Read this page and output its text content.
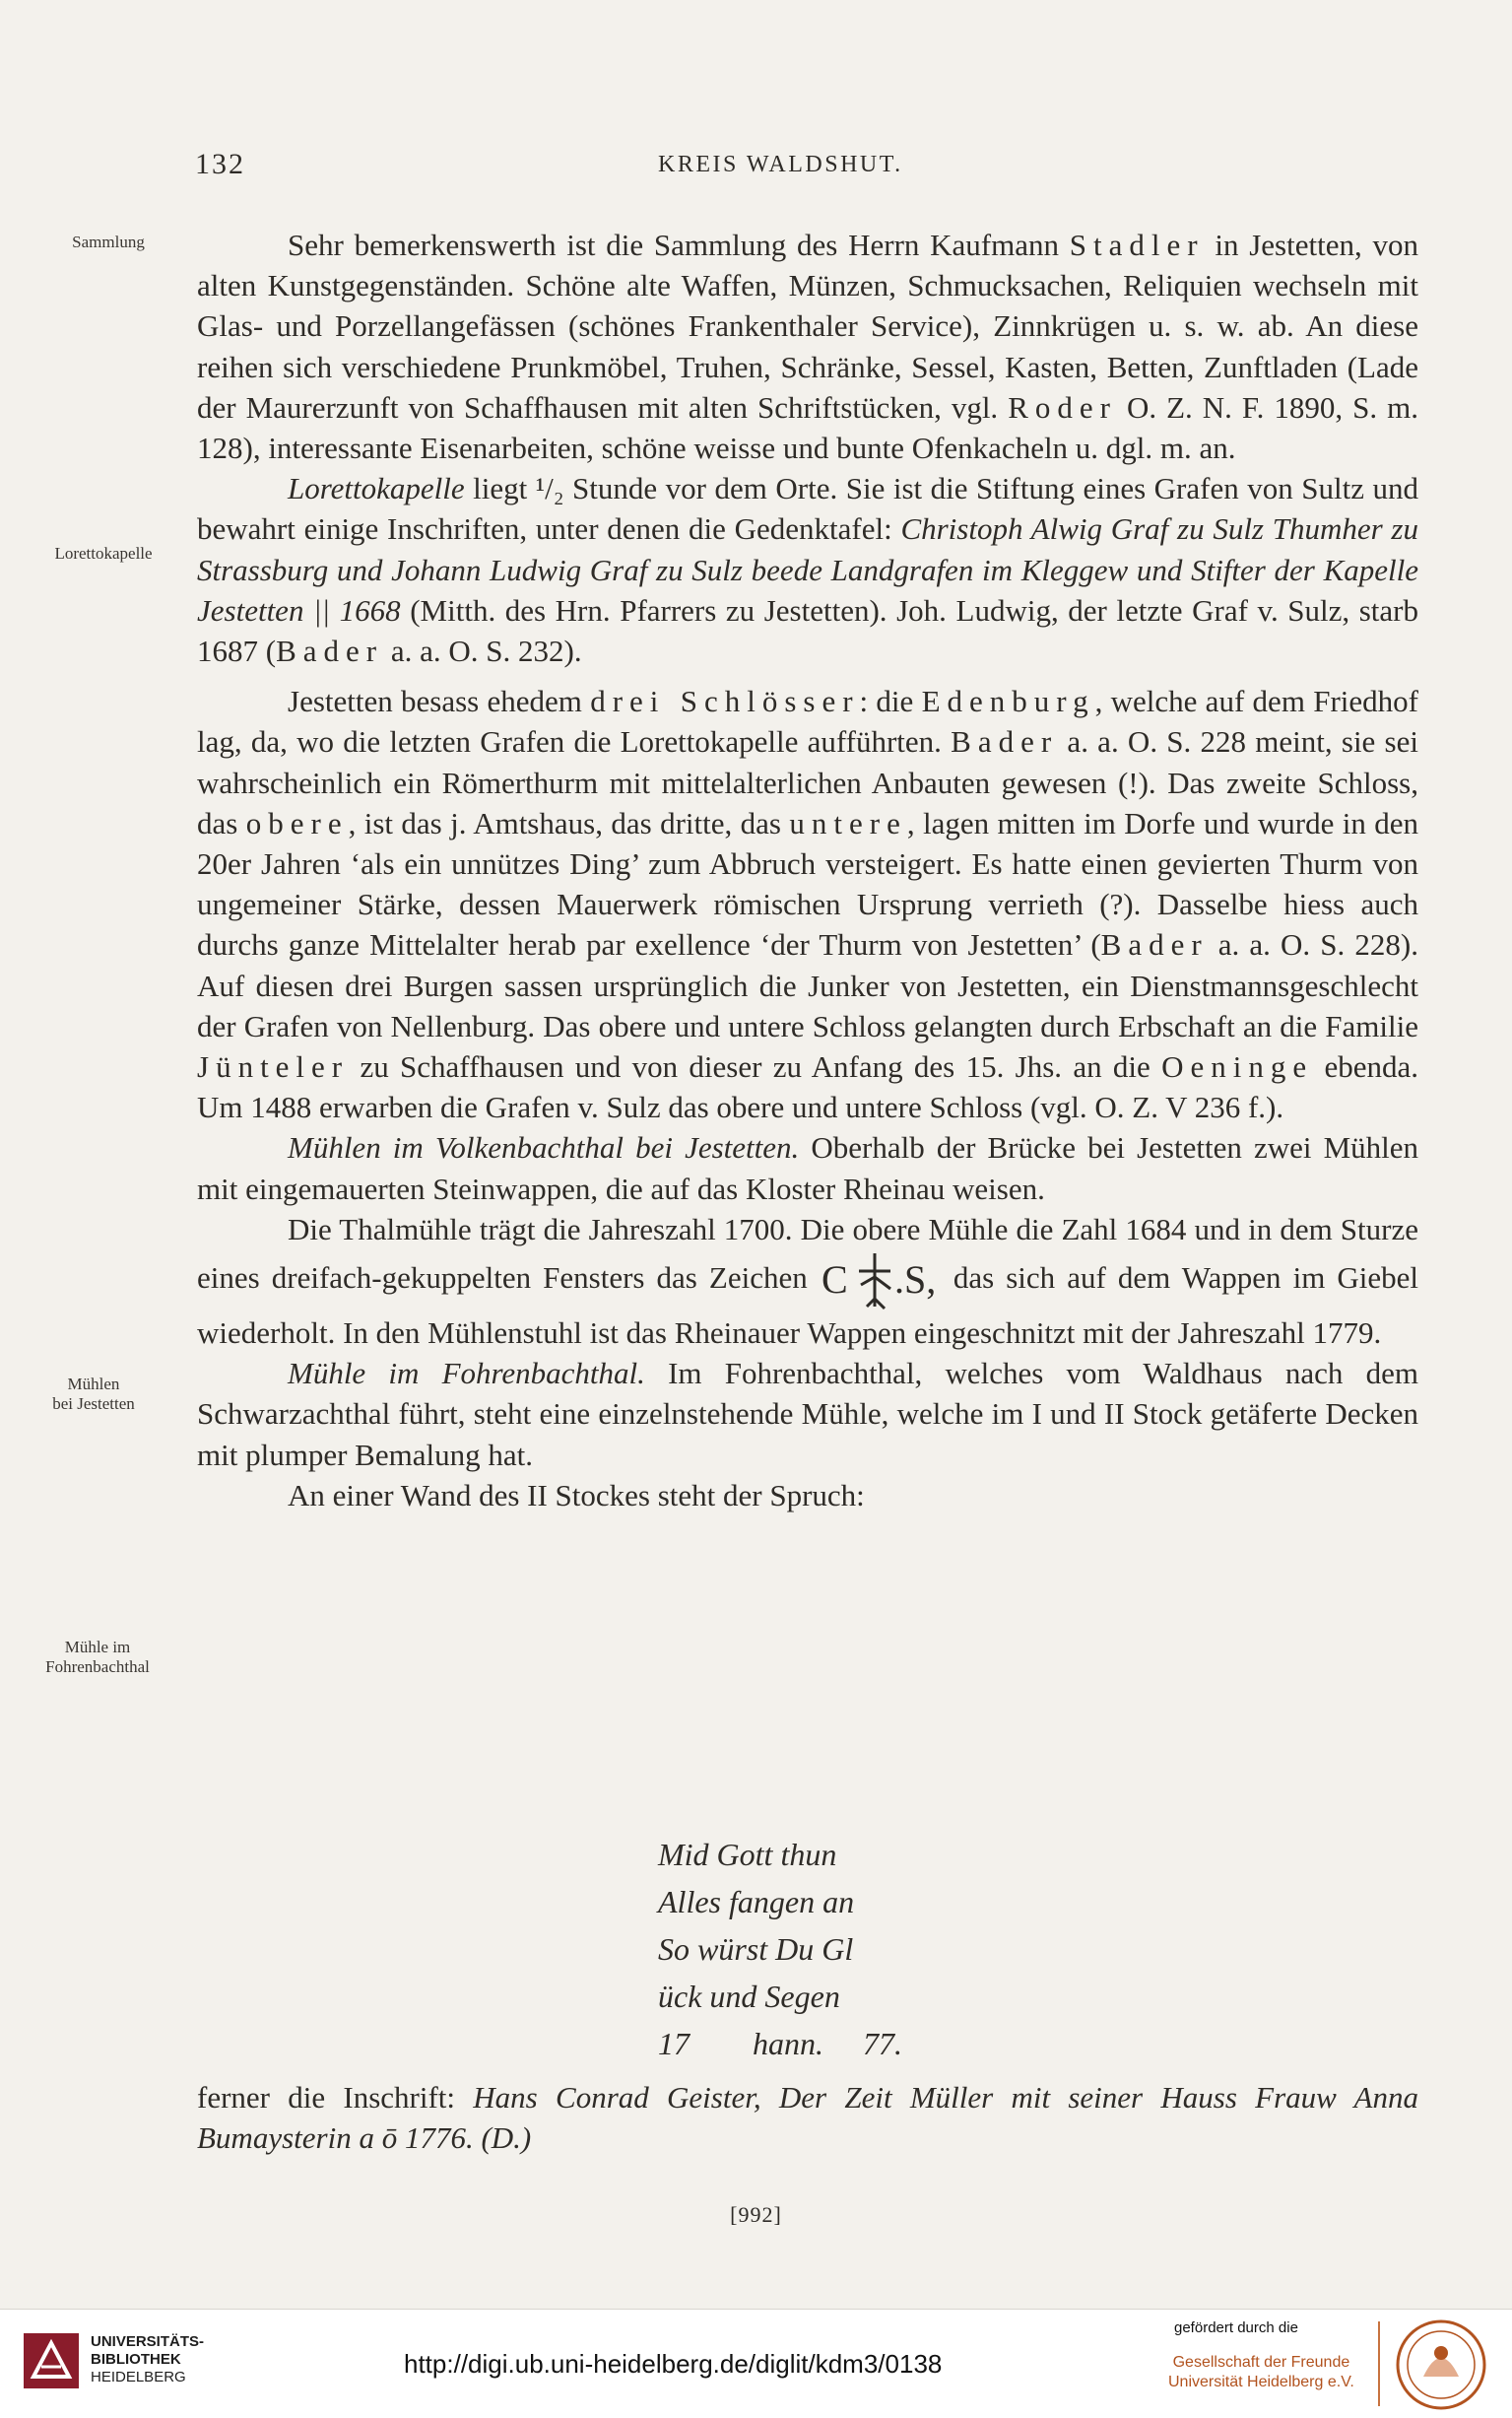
132	KREIS WALDSHUT.
Sammlung
Lorettokapelle
Mühlen
bei Jestetten
Mühle im
Fohrenbachthal

Sehr bemerkenswerth ist die Sammlung des Herrn Kaufmann Stadler in Jestetten, von alten Kunstgegenständen. Schöne alte Waffen, Münzen, Schmucksachen, Reliquien wechseln mit Glas- und Porzellangefässen (schönes Frankenthaler Service), Zinnkrügen u. s. w. ab. An diese reihen sich verschiedene Prunkmöbel, Truhen, Schränke, Sessel, Kasten, Betten, Zunftladen (Lade der Maurerzunft von Schaffhausen mit alten Schriftstücken, vgl. Roder O. Z. N. F. 1890, S. m. 128), interessante Eisenarbeiten, schöne weisse und bunte Ofenkacheln u. dgl. m. an.

Lorettokapelle liegt ¹/₂ Stunde vor dem Orte. Sie ist die Stiftung eines Grafen von Sultz und bewahrt einige Inschriften, unter denen die Gedenktafel: Christoph Alwig Graf zu Sulz Thumher zu Strassburg und Johann Ludwig Graf zu Sulz beede Landgrafen im Kleggew und Stifter der Kapelle Jestetten || 1668 (Mitth. des Hrn. Pfarrers zu Jestetten). Joh. Ludwig, der letzte Graf v. Sulz, starb 1687 (Bader a. a. O. S. 232).

Jestetten besass ehedem drei Schlösser: die Edenburg, welche auf dem Friedhof lag, da, wo die letzten Grafen die Lorettokapelle aufführten. Bader a. a. O. S. 228 meint, sie sei wahrscheinlich ein Römerthurm mit mittelalterlichen Anbauten gewesen (!). Das zweite Schloss, das obere, ist das j. Amtshaus, das dritte, das untere, lagen mitten im Dorfe und wurde in den 20er Jahren ‘als ein unnützes Ding’ zum Abbruch versteigert. Es hatte einen gevierten Thurm von ungemeiner Stärke, dessen Mauerwerk römischen Ursprung verrieth (?). Dasselbe hiess auch durchs ganze Mittelalter herab par exellence ‘der Thurm von Jestetten’ (Bader a. a. O. S. 228). Auf diesen drei Burgen sassen ursprünglich die Junker von Jestetten, ein Dienstmannsgeschlecht der Grafen von Nellenburg. Das obere und untere Schloss gelangten durch Erbschaft an die Familie Jünteler zu Schaffhausen und von dieser zu Anfang des 15. Jhs. an die Oeninge ebenda. Um 1488 erwarben die Grafen v. Sulz das obere und untere Schloss (vgl. O. Z. V 236 f.).

Mühlen im Volkenbachthal bei Jestetten. Oberhalb der Brücke bei Jestetten zwei Mühlen mit eingemauerten Steinwappen, die auf das Kloster Rheinau weisen.

Die Thalmühle trägt die Jahreszahl 1700. Die obere Mühle die Zahl 1684 und in dem Sturze eines dreifach-gekuppelten Fensters das Zeichen C .S, das sich auf dem Wappen im Giebel wiederholt. In den Mühlenstuhl ist das Rheinauer Wappen eingeschnitzt mit der Jahreszahl 1779.

Mühle im Fohrenbachthal. Im Fohrenbachthal, welches vom Waldhaus nach dem Schwarzachthal führt, steht eine einzelnstehende Mühle, welche im I und II Stock getäferte Decken mit plumper Bemalung hat.

An einer Wand des II Stockes steht der Spruch:

Mid Gott thun
Alles fangen an
So würst Du Gl
ück und Segen
17        hann.     77.

ferner die Inschrift: Hans Conrad Geister, Der Zeit Müller mit seiner Hauss Frauw Anna Bumaysterin a ō 1776. (D.)

[992]
UNIVERSITÄTS-
BIBLIOTHEK
HEIDELBERG	http://digi.ub.uni-heidelberg.de/diglit/kdm3/0138
gefördert durch die
Gesellschaft der Freunde
Universität Heidelberg e.V.
